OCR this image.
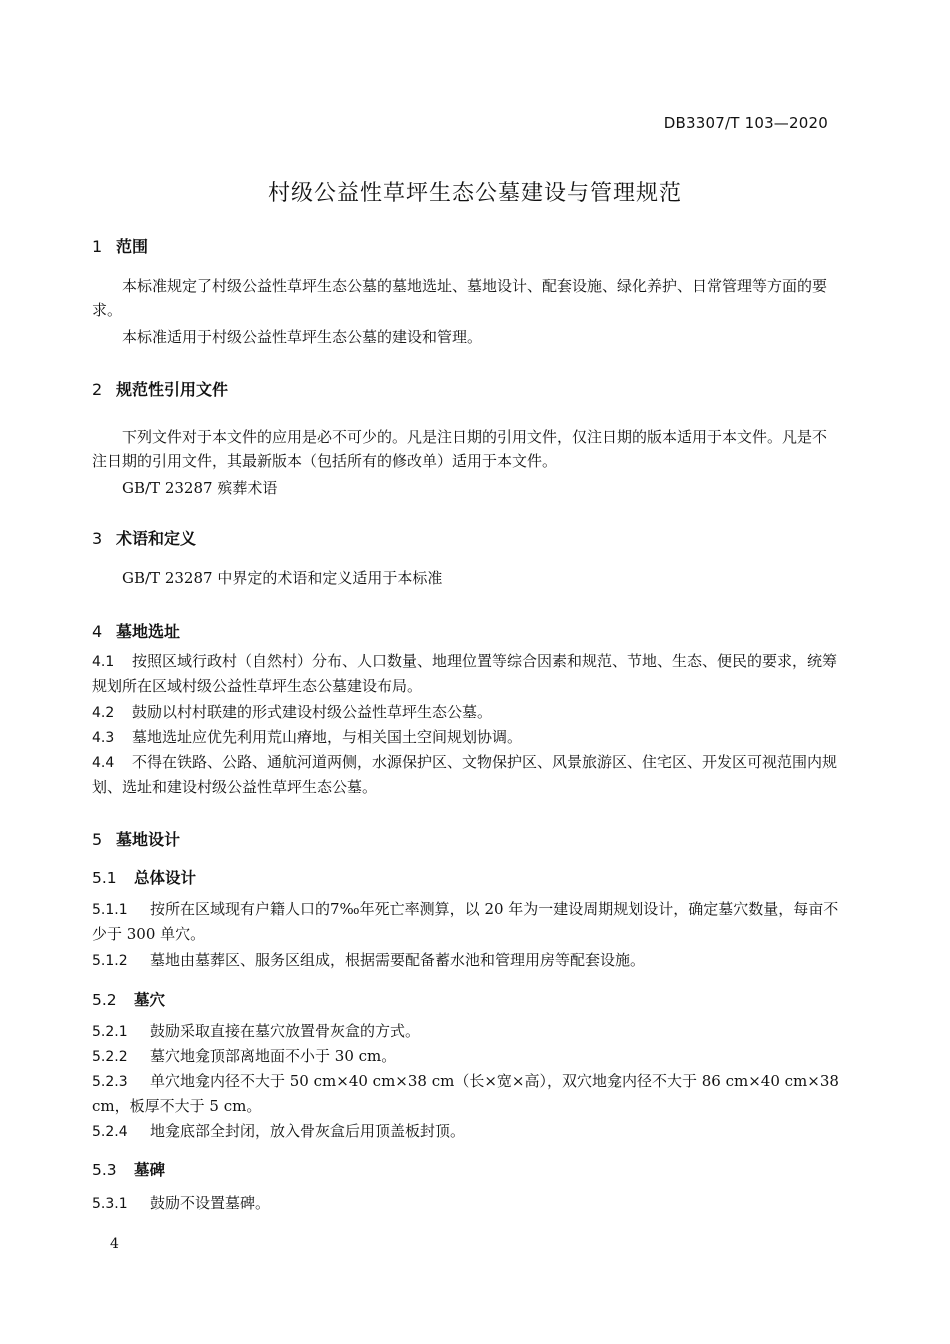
DB3307/T 103—2020
村级公益性草坪生态公墓建设与管理规范
1 范围
本标准规定了村级公益性草坪生态公墓的墓地选址、墓地设计、配套设施、绿化养护、日常管理等方面的要求。
本标准适用于村级公益性草坪生态公墓的建设和管理。
2 规范性引用文件
下列文件对于本文件的应用是必不可少的。凡是注日期的引用文件，仅注日期的版本适用于本文件。凡是不注日期的引用文件，其最新版本（包括所有的修改单）适用于本文件。
GB/T 23287 殡葬术语
3 术语和定义
GB/T 23287 中界定的术语和定义适用于本标准
4 墓地选址
4.1 按照区域行政村（自然村）分布、人口数量、地理位置等综合因素和规范、节地、生态、便民的要求，统筹规划所在区域村级公益性草坪生态公墓建设布局。
4.2 鼓励以村村联建的形式建设村级公益性草坪生态公墓。
4.3 墓地选址应优先利用荒山瘠地，与相关国土空间规划协调。
4.4 不得在铁路、公路、通航河道两侧，水源保护区、文物保护区、风景旅游区、住宅区、开发区可视范围内规划、选址和建设村级公益性草坪生态公墓。
5 墓地设计
5.1 总体设计
5.1.1 按所在区域现有户籍人口的7‰年死亡率测算，以 20 年为一建设周期规划设计，确定墓穴数量，每亩不少于 300 单穴。
5.1.2 墓地由墓葬区、服务区组成，根据需要配备蓄水池和管理用房等配套设施。
5.2 墓穴
5.2.1 鼓励采取直接在墓穴放置骨灰盒的方式。
5.2.2 墓穴地龛顶部离地面不小于 30 cm。
5.2.3 单穴地龛内径不大于 50 cm×40 cm×38 cm（长×宽×高），双穴地龛内径不大于 86 cm×40 cm×38 cm，板厚不大于 5 cm。
5.2.4 地龛底部全封闭，放入骨灰盒后用顶盖板封顶。
5.3 墓碑
5.3.1 鼓励不设置墓碑。
4
